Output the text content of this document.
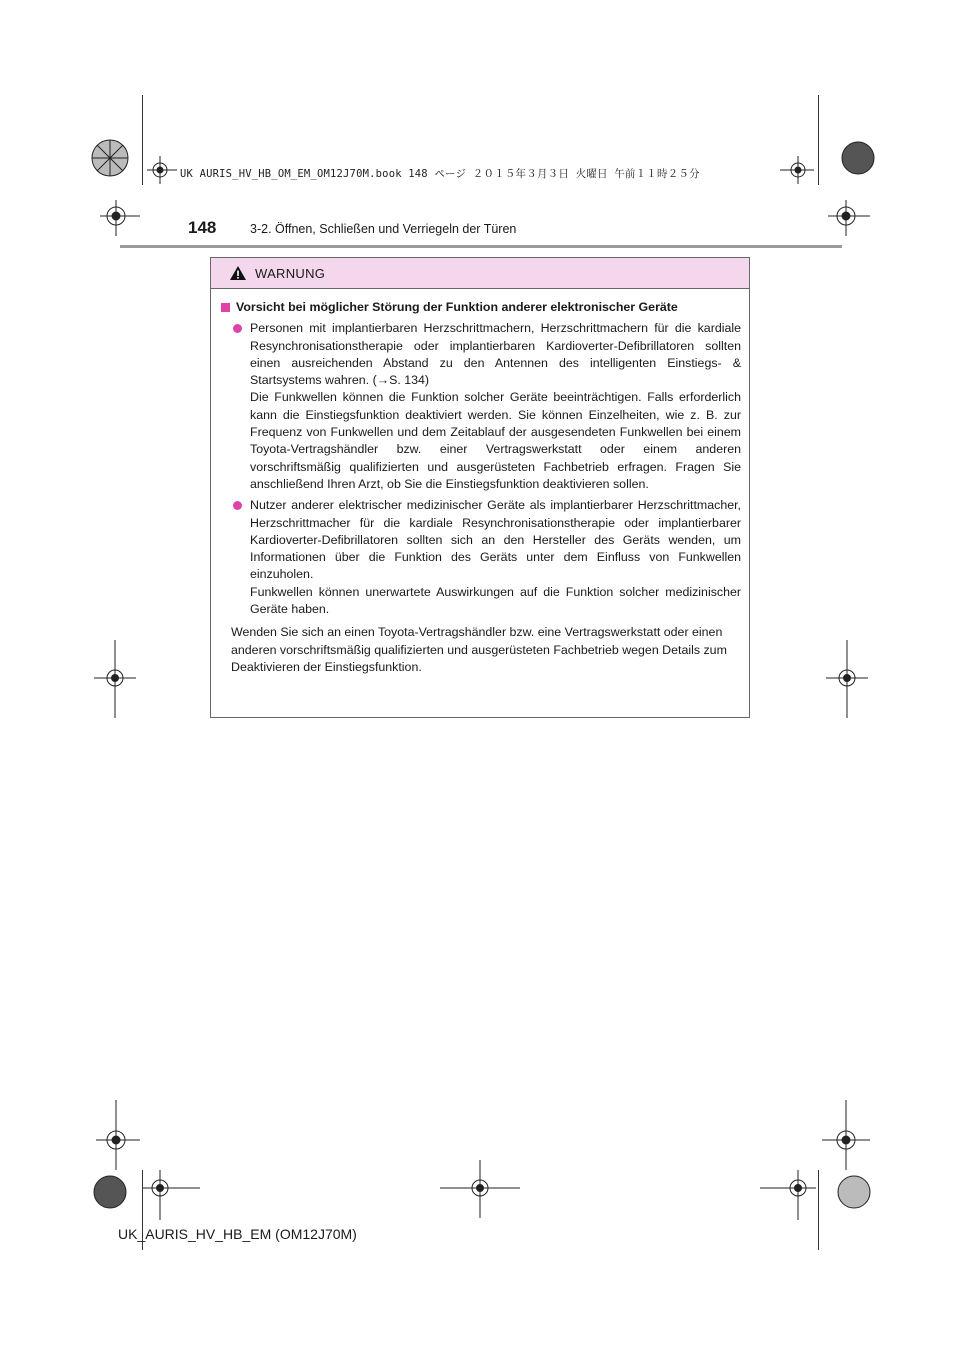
UK AURIS_HV_HB_OM_EM_OM12J70M.book 148 ページ ２０１５年３月３日 火曜日 午前１１時２５分
148	3-2. Öffnen, Schließen und Verriegeln der Türen
WARNUNG
Vorsicht bei möglicher Störung der Funktion anderer elektronischer Geräte

Personen mit implantierbaren Herzschrittmachern, Herzschrittmachern für die kardiale Resynchronisationstherapie oder implantierbaren Kardioverter-Defibrillatoren sollten einen ausreichenden Abstand zu den Antennen des intelligenten Einstiegs- & Startsystems wahren. (→S. 134)

Die Funkwellen können die Funktion solcher Geräte beeinträchtigen. Falls erforderlich kann die Einstiegsfunktion deaktiviert werden. Sie können Einzelheiten, wie z. B. zur Frequenz von Funkwellen und dem Zeitablauf der ausgesendeten Funkwellen bei einem Toyota-Vertragshändler bzw. einer Vertragswerkstatt oder einem anderen vorschriftsmäßig qualifizierten und ausgerüsteten Fachbetrieb erfragen. Fragen Sie anschließend Ihren Arzt, ob Sie die Einstiegsfunktion deaktivieren sollen.

Nutzer anderer elektrischer medizinischer Geräte als implantierbarer Herzschrittmacher, Herzschrittmacher für die kardiale Resynchronisationstherapie oder implantierbarer Kardioverter-Defibrillatoren sollten sich an den Hersteller des Geräts wenden, um Informationen über die Funktion des Geräts unter dem Einfluss von Funkwellen einzuholen.

Funkwellen können unerwartete Auswirkungen auf die Funktion solcher medizinischer Geräte haben.

Wenden Sie sich an einen Toyota-Vertragshändler bzw. eine Vertragswerkstatt oder einen anderen vorschriftsmäßig qualifizierten und ausgerüsteten Fachbetrieb wegen Details zum Deaktivieren der Einstiegsfunktion.

UK_AURIS_HV_HB_EM (OM12J70M)
